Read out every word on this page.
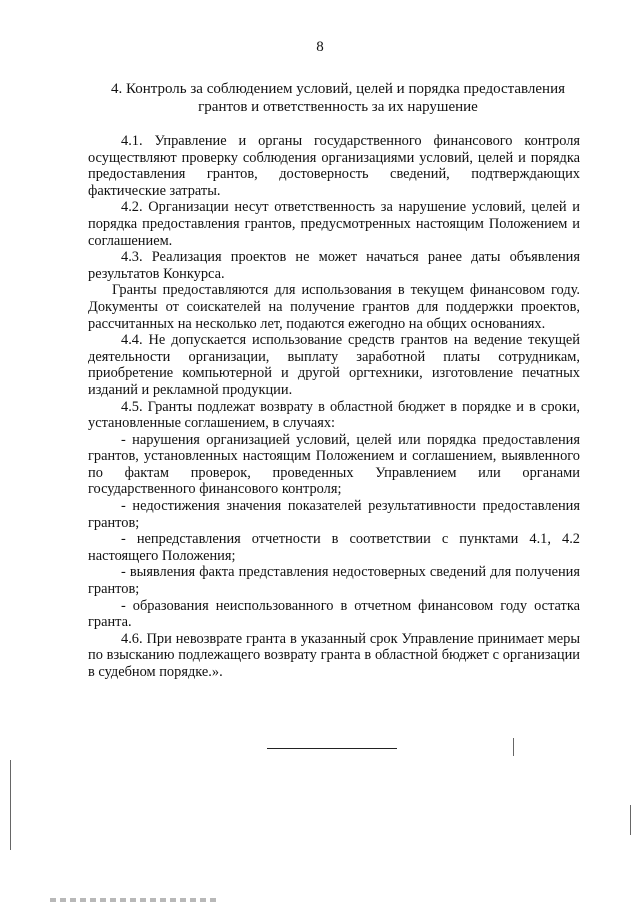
8
4. Контроль за соблюдением условий, целей и порядка предоставления грантов и ответственность за их нарушение

4.1. Управление и органы государственного финансового контроля осуществляют проверку соблюдения организациями условий, целей и порядка предоставления грантов, достоверность сведений, подтверждающих фактические затраты.

4.2. Организации несут ответственность за нарушение условий, целей и порядка предоставления грантов, предусмотренных настоящим Положением и соглашением.

4.3. Реализация проектов не может начаться ранее даты объявления результатов Конкурса.

Гранты предоставляются для использования в текущем финансовом году. Документы от соискателей на получение грантов для поддержки проектов, рассчитанных на несколько лет, подаются ежегодно на общих основаниях.

4.4. Не допускается использование средств грантов на ведение текущей деятельности организации, выплату заработной платы сотрудникам, приобретение компьютерной и другой оргтехники, изготовление печатных изданий и рекламной продукции.

4.5. Гранты подлежат возврату в областной бюджет в порядке и в сроки, установленные соглашением, в случаях:

- нарушения организацией условий, целей или порядка предоставления грантов, установленных настоящим Положением и соглашением, выявленного по фактам проверок, проведенных Управлением или органами государственного финансового контроля;

- недостижения значения показателей результативности предоставления грантов;

- непредставления отчетности в соответствии с пунктами 4.1, 4.2 настоящего Положения;

- выявления факта представления недостоверных сведений для получения грантов;

- образования неиспользованного в отчетном финансовом году остатка гранта.

4.6. При невозврате гранта в указанный срок Управление принимает меры по взысканию подлежащего возврату гранта в областной бюджет с организации в судебном порядке.».
